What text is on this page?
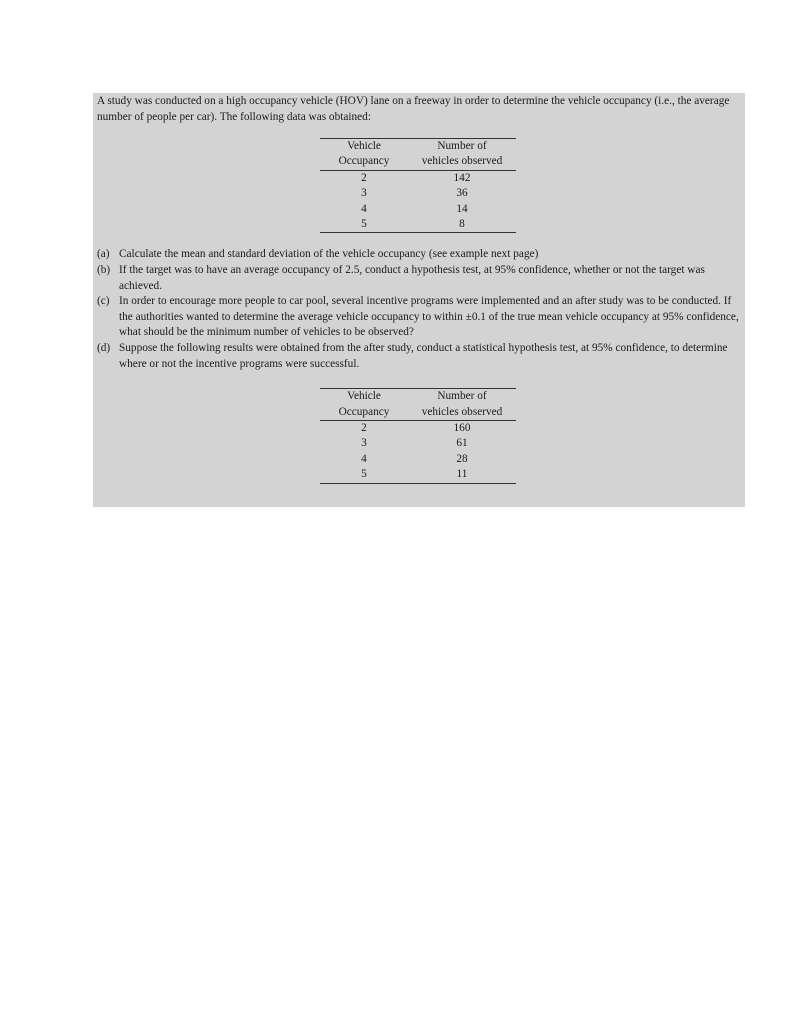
A study was conducted on a high occupancy vehicle (HOV) lane on a freeway in order to determine the vehicle occupancy (i.e., the average number of people per car). The following data was obtained:

Vehicle	Number of
Occupancy	vehicles observed
2	142
3	36
4	14
5	8
(a) Calculate the mean and standard deviation of the vehicle occupancy (see example next page)
(b) If the target was to have an average occupancy of 2.5, conduct a hypothesis test, at 95% confidence, whether or not the target was achieved.
(c) In order to encourage more people to car pool, several incentive programs were implemented and an after study was to be conducted. If the authorities wanted to determine the average vehicle occupancy to within ±0.1 of the true mean vehicle occupancy at 95% confidence, what should be the minimum number of vehicles to be observed?
(d) Suppose the following results were obtained from the after study, conduct a statistical hypothesis test, at 95% confidence, to determine where or not the incentive programs were successful.
Vehicle	Number of
Occupancy	vehicles observed
2	160
3	61
4	28
5	11
